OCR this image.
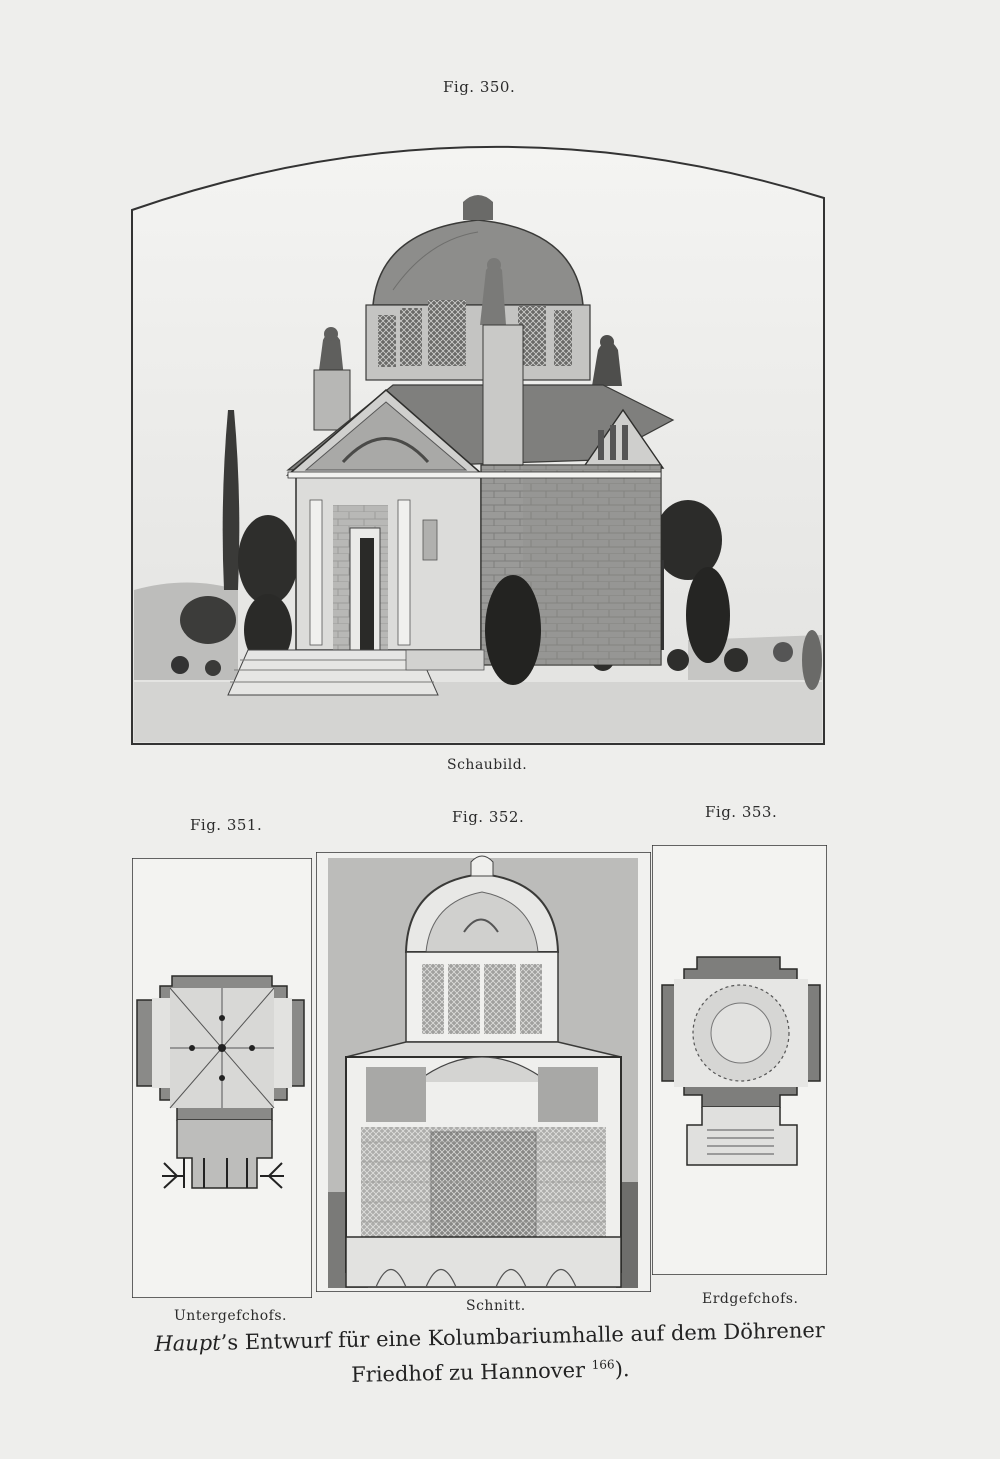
Fig. 350.
Schaubild.
Fig. 351.	Fig. 352.	Fig. 353.
Untergefchofs.
Schnitt.	Erdgefchofs.
Haupt’s Entwurf für eine Kolumbariumhalle auf dem Döhrener
Friedhof zu Hannover $^{166}$).
